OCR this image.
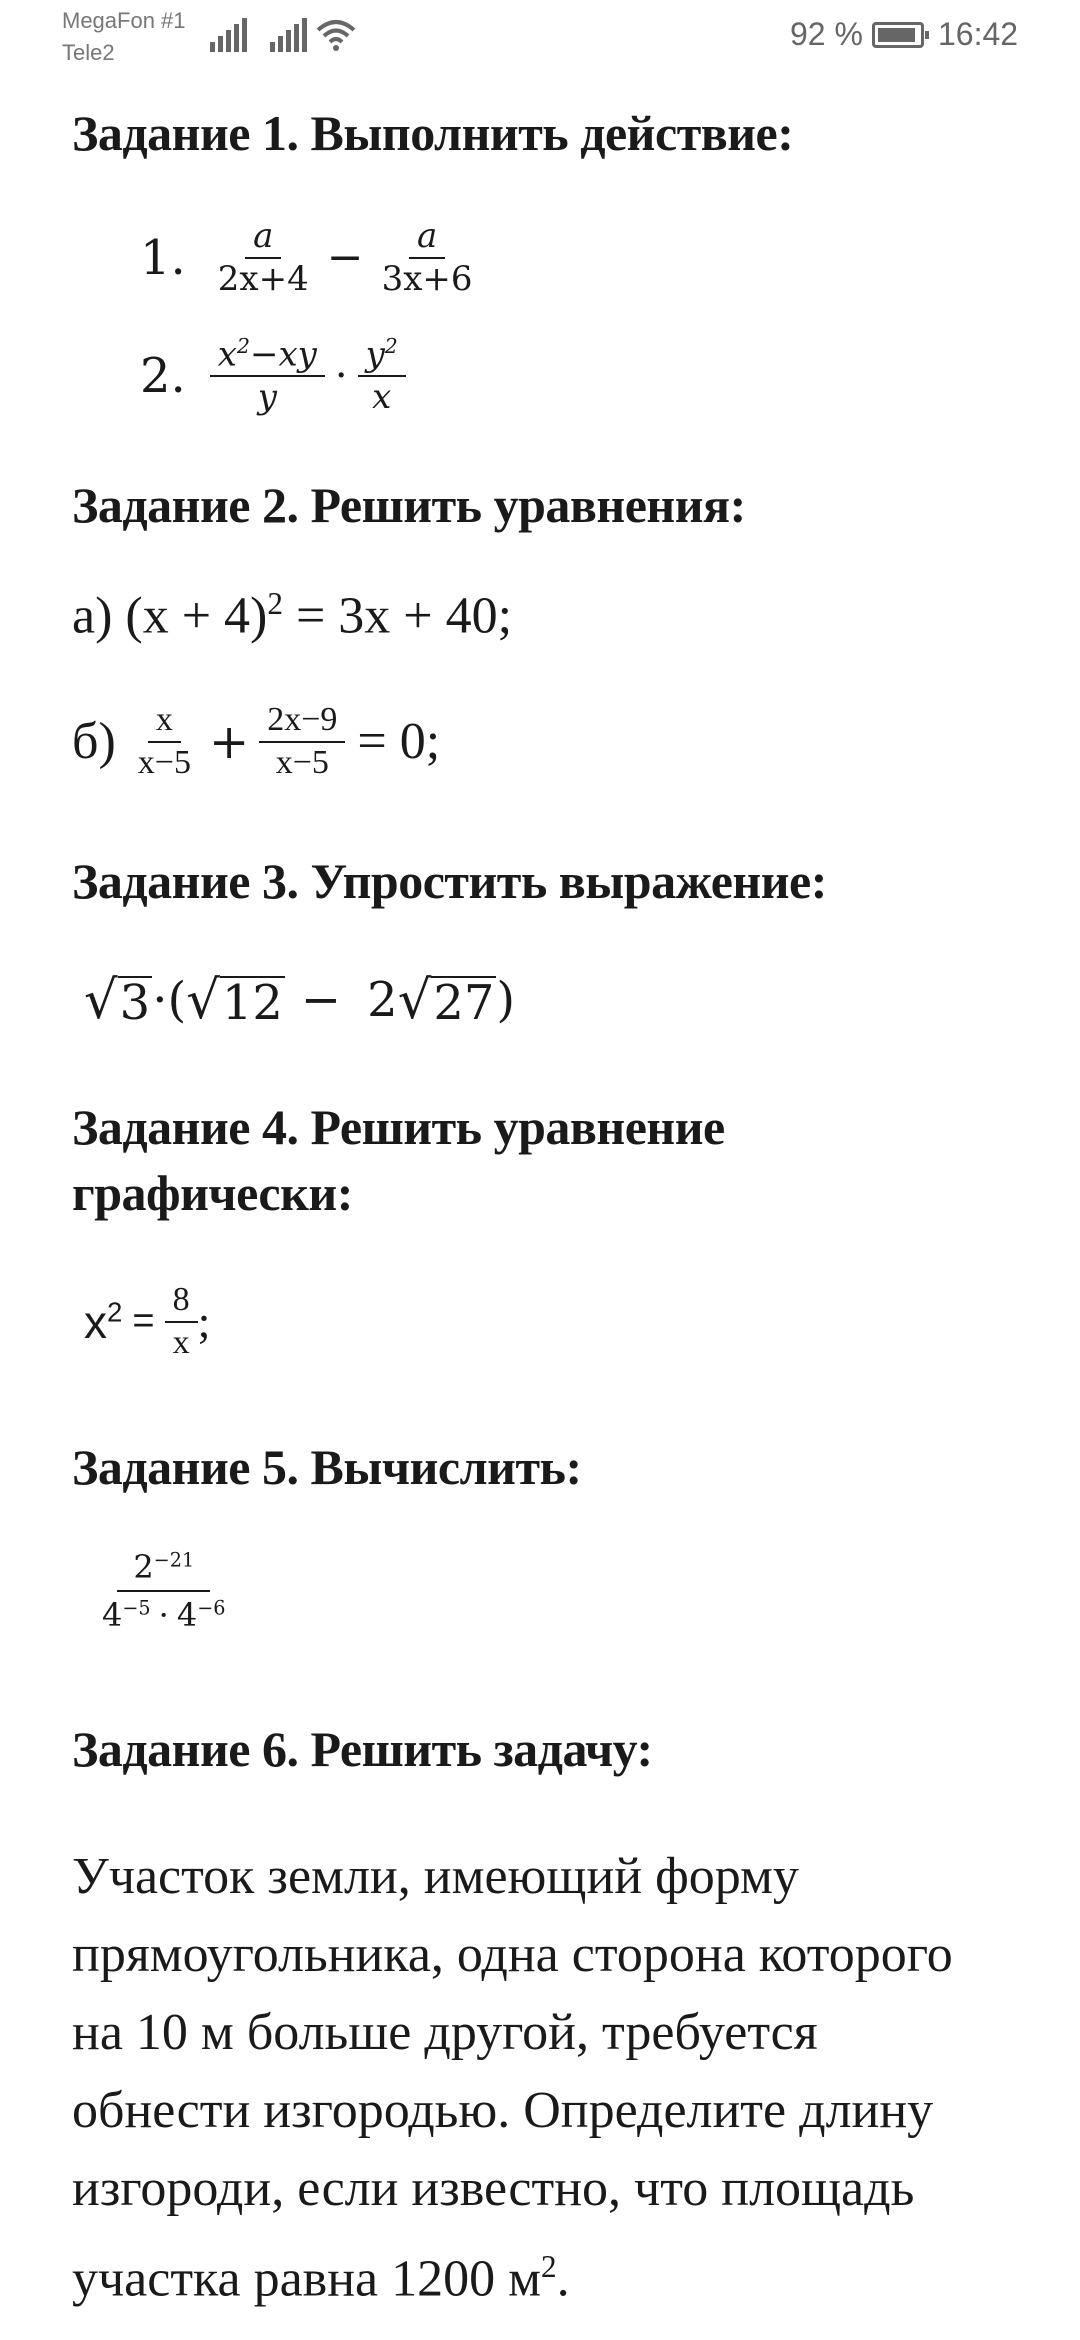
MegaFon #1
Tele2
92 % 16:42
Задание 1. Выполнить действие:
1. $\frac{a}{2x+4} - \frac{a}{3x+6}$
2. $\frac{x^2-xy}{y} \cdot \frac{y^2}{x}$
Задание 2. Решить уравнения:
а) $(x + 4)^2 = 3x + 40$;
$б) \frac{x}{x-5} + \frac{2x-9}{x-5} = 0$;
Задание 3. Упростить выражение:
√ 3 ·( √ 12 − 2 √ 27 )
Задание 4. Решить уравнение
графически:
$x^2 = \frac{8}{x}$ ;
Задание 5. Вычислить:
$\frac{2^{-21}}{4^{-5} \cdot 4^{-6}}$
Задание 6. Решить задачу:
Участок земли, имеющий форму
прямоугольника, одна сторона которого
на 10 м больше другой, требуется
обнести изгородью. Определите длину
изгороди, если известно, что площадь
участка равна 1200 $м^2$.
